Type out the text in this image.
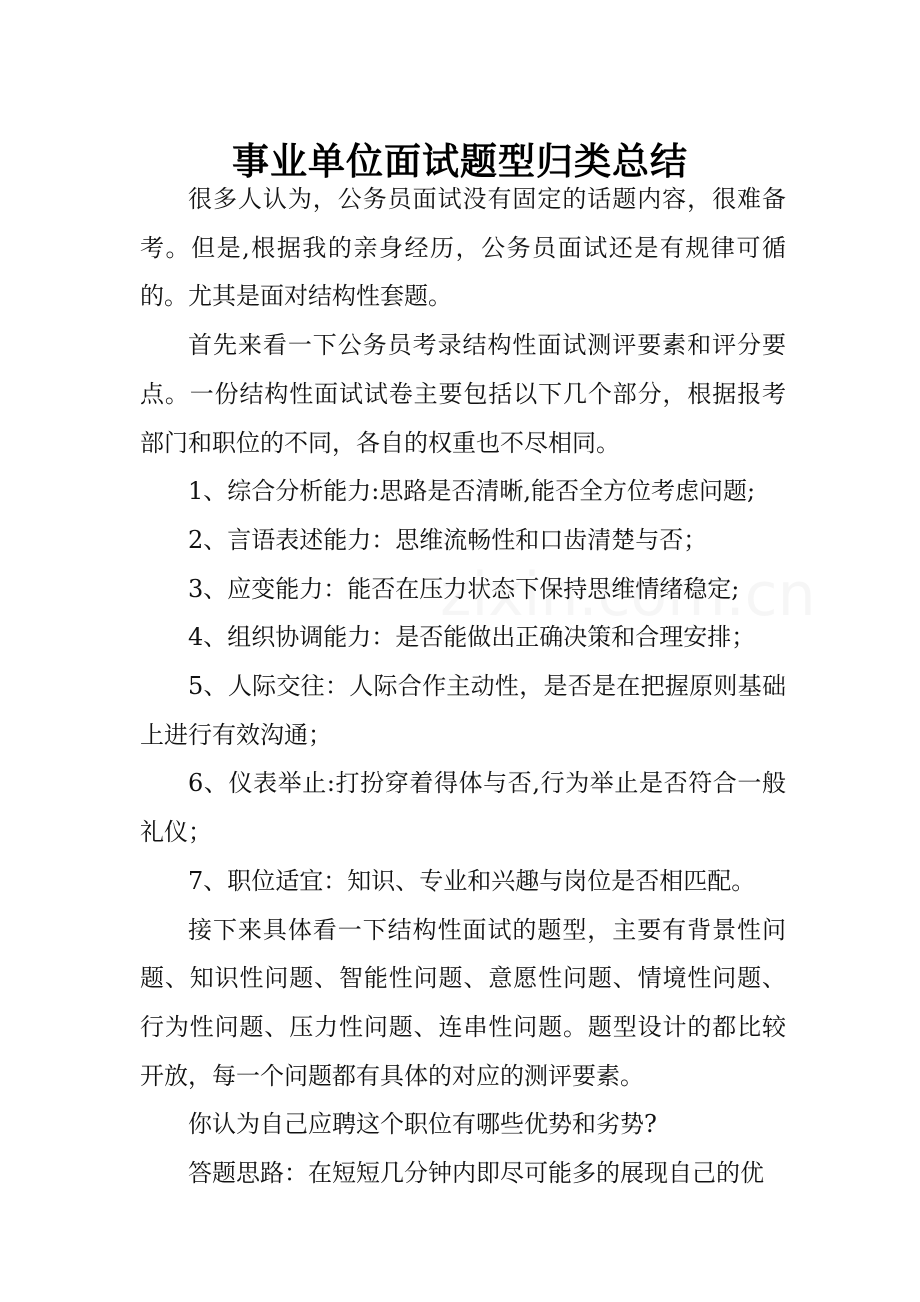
事业单位面试题型归类总结

很多人认为，公务员面试没有固定的话题内容，很难备考。但是,根据我的亲身经历，公务员面试还是有规律可循的。尤其是面对结构性套题。

首先来看一下公务员考录结构性面试测评要素和评分要点。一份结构性面试试卷主要包括以下几个部分，根据报考部门和职位的不同，各自的权重也不尽相同。

1、综合分析能力:思路是否清晰,能否全方位考虑问题;

2、言语表述能力：思维流畅性和口齿清楚与否；

3、应变能力：能否在压力状态下保持思维情绪稳定;

4、组织协调能力：是否能做出正确决策和合理安排；

5、人际交往：人际合作主动性，是否是在把握原则基础上进行有效沟通；

6、仪表举止:打扮穿着得体与否,行为举止是否符合一般礼仪；

7、职位适宜：知识、专业和兴趣与岗位是否相匹配。

接下来具体看一下结构性面试的题型，主要有背景性问题、知识性问题、智能性问题、意愿性问题、情境性问题、行为性问题、压力性问题、连串性问题。题型设计的都比较开放，每一个问题都有具体的对应的测评要素。

你认为自己应聘这个职位有哪些优势和劣势?

答题思路：在短短几分钟内即尽可能多的展现自己的优
